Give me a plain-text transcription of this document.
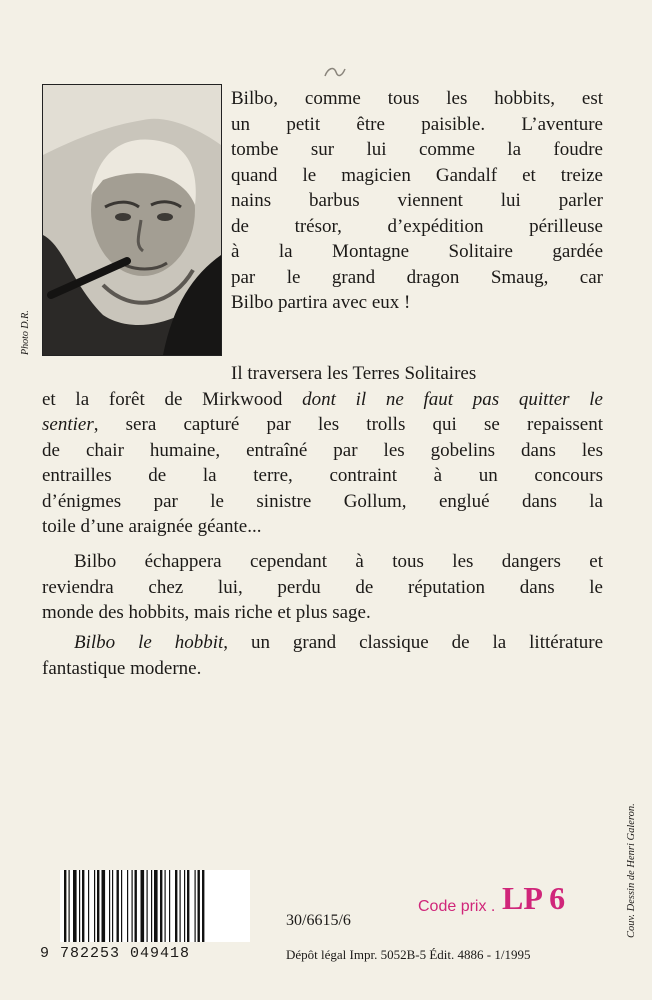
Photo D.R.
Bilbo, comme tous les hobbits, est
un petit être paisible. L’aventure
tombe sur lui comme la foudre
quand le magicien Gandalf et treize
nains barbus viennent lui parler
de trésor, d’expédition périlleuse
à la Montagne Solitaire gardée
par le grand dragon Smaug, car
Bilbo partira avec eux !
Il traversera les Terres Solitaires
et la forêt de Mirkwood dont il ne faut pas quitter le
sentier, sera capturé par les trolls qui se repaissent
de chair humaine, entraîné par les gobelins dans les
entrailles de la terre, contraint à un concours
d’énigmes par le sinistre Gollum, englué dans la
toile d’une araignée géante...
Bilbo échappera cependant à tous les dangers et
reviendra chez lui, perdu de réputation dans le
monde des hobbits, mais riche et plus sage.
Bilbo le hobbit, un grand classique de la littérature
fantastique moderne.
Couv. Dessin de Henri Galeron.
9 782253 049418
30/6615/6
Code prix . LP 6
Dépôt légal Impr. 5052B-5 Édit. 4886 - 1/1995
